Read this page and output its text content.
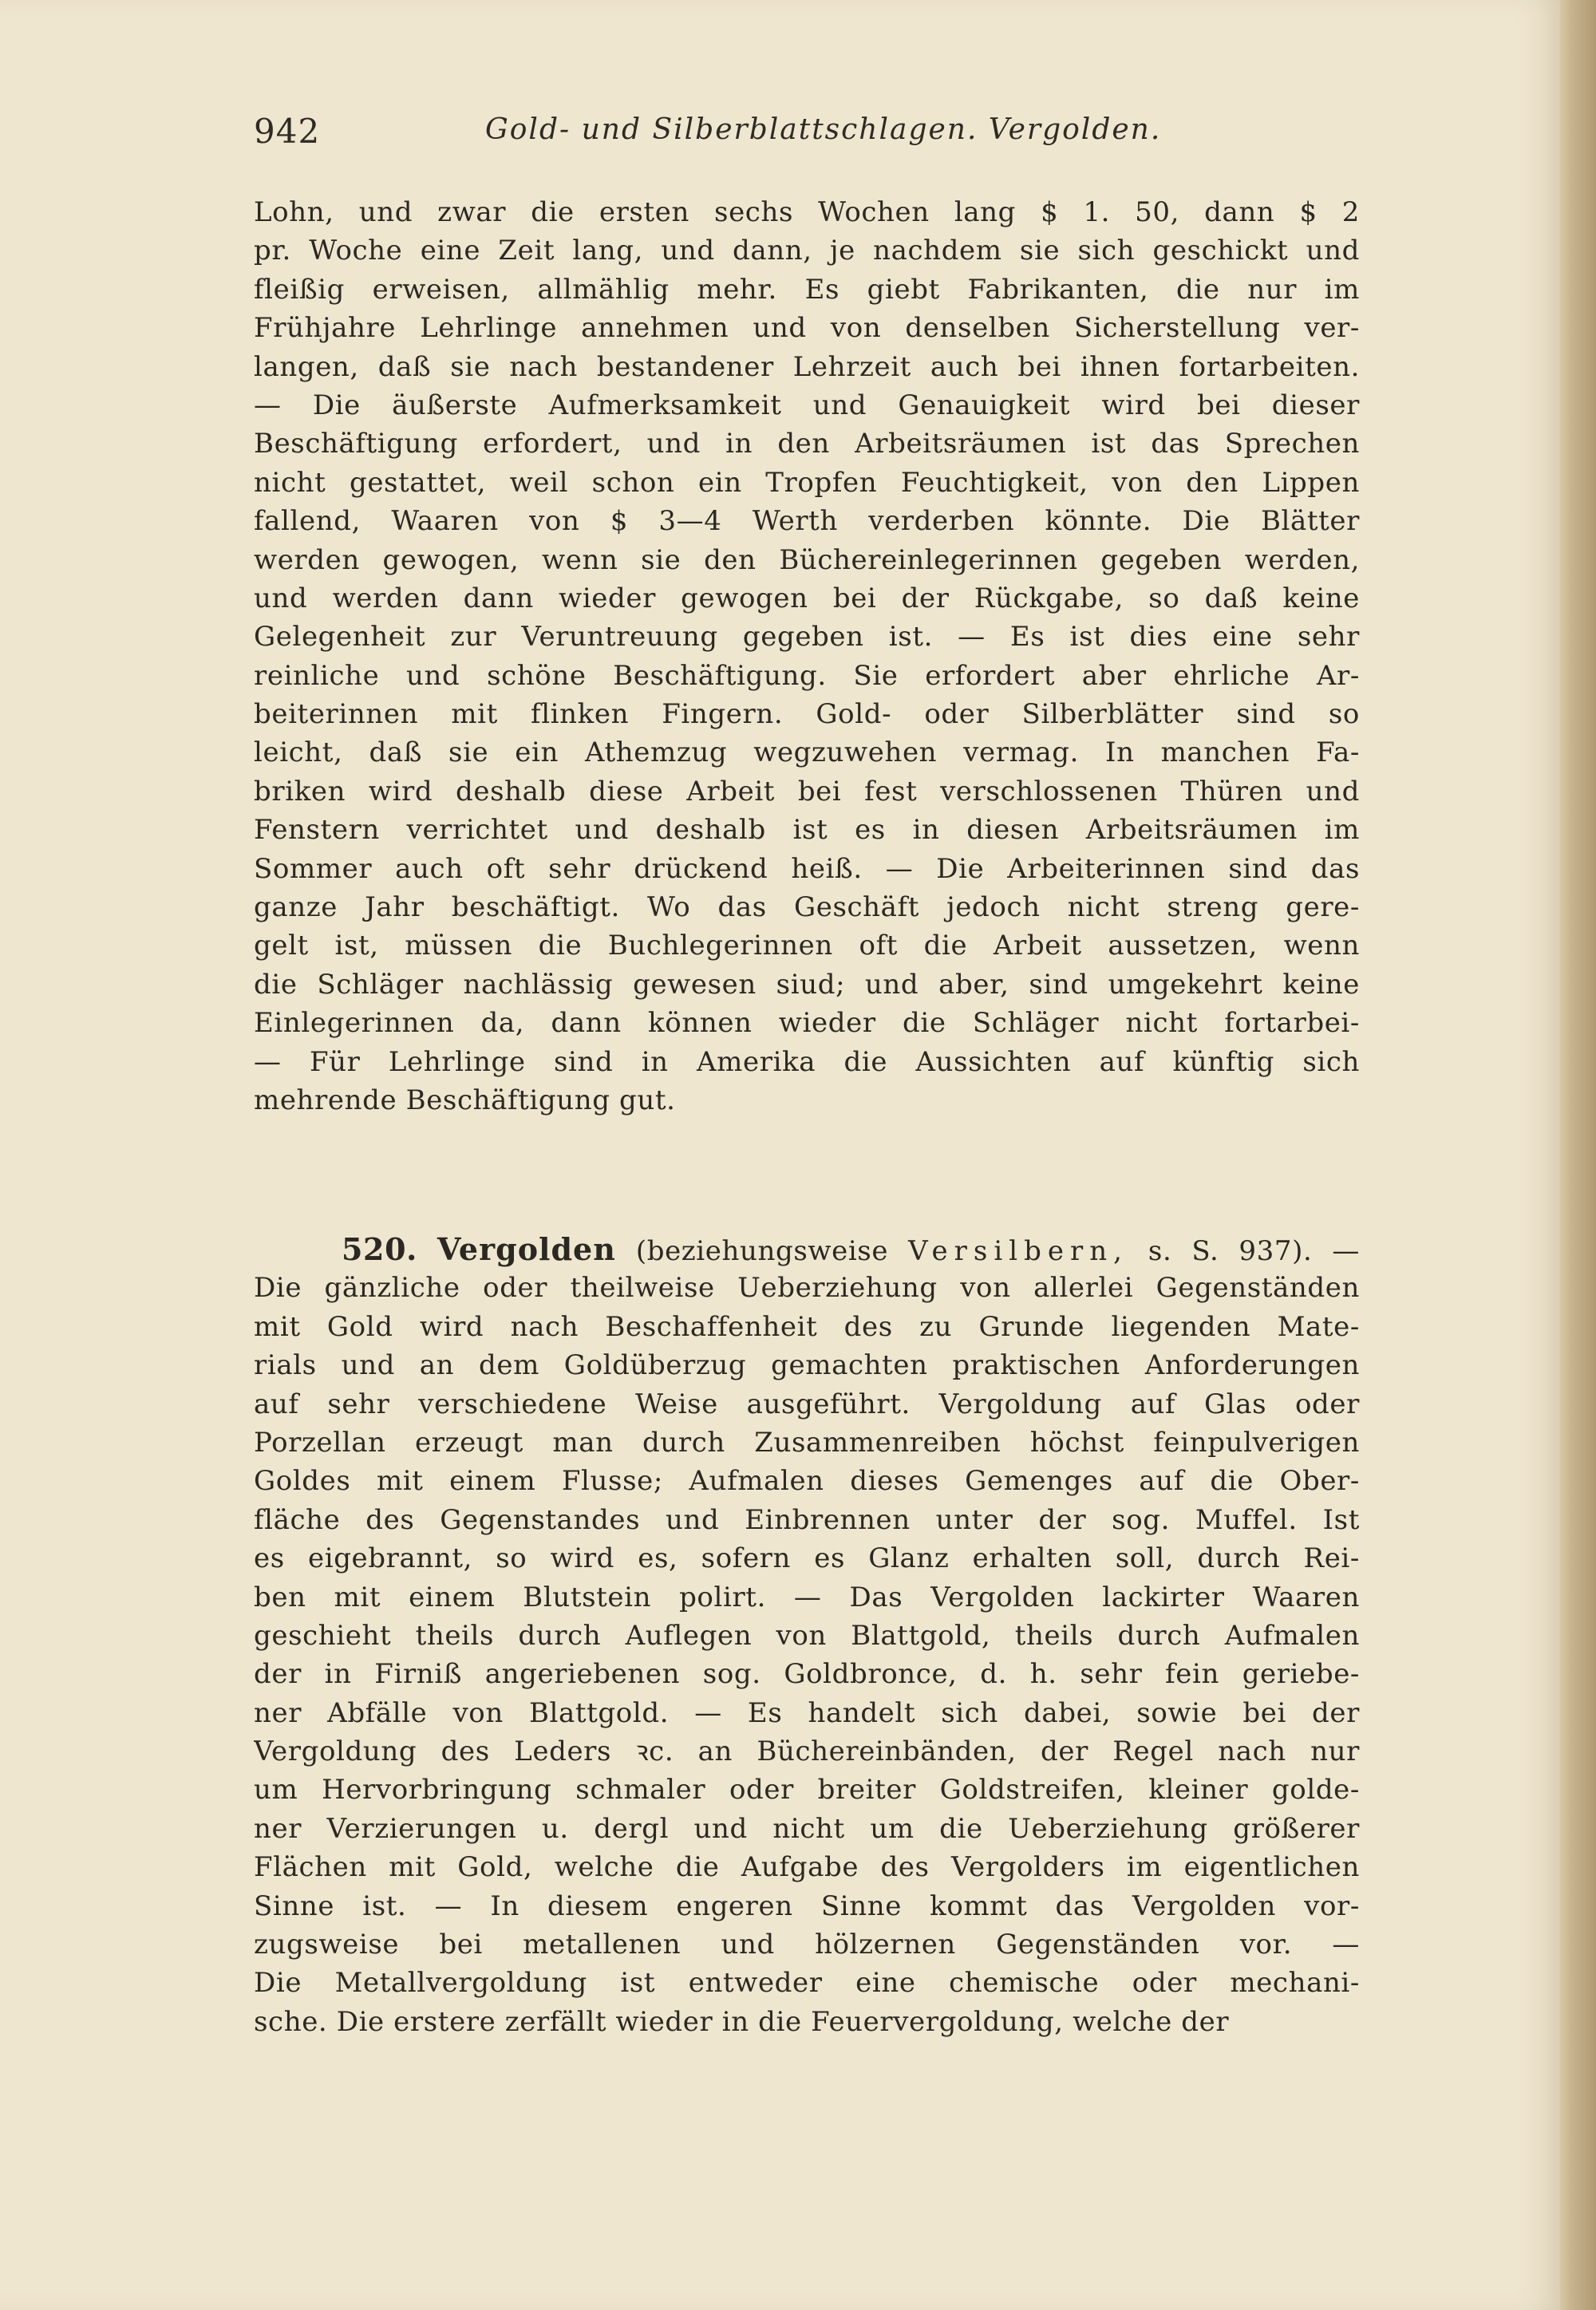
942	Gold- und Silberblattschlagen. Vergolden.
Lohn, und zwar die ersten sechs Wochen lang $ 1. 50, dann $ 2
pr. Woche eine Zeit lang, und dann, je nachdem sie sich geschickt und
fleißig erweisen, allmählig mehr. Es giebt Fabrikanten, die nur im
Frühjahre Lehrlinge annehmen und von denselben Sicherstellung ver-
langen, daß sie nach bestandener Lehrzeit auch bei ihnen fortarbeiten.
— Die äußerste Aufmerksamkeit und Genauigkeit wird bei dieser
Beschäftigung erfordert, und in den Arbeitsräumen ist das Sprechen
nicht gestattet, weil schon ein Tropfen Feuchtigkeit, von den Lippen
fallend, Waaren von $ 3—4 Werth verderben könnte. Die Blätter
werden gewogen, wenn sie den Büchereinlegerinnen gegeben werden,
und werden dann wieder gewogen bei der Rückgabe, so daß keine
Gelegenheit zur Veruntreuung gegeben ist. — Es ist dies eine sehr
reinliche und schöne Beschäftigung. Sie erfordert aber ehrliche Ar-
beiterinnen mit flinken Fingern. Gold- oder Silberblätter sind so
leicht, daß sie ein Athemzug wegzuwehen vermag. In manchen Fa-
briken wird deshalb diese Arbeit bei fest verschlossenen Thüren und
Fenstern verrichtet und deshalb ist es in diesen Arbeitsräumen im
Sommer auch oft sehr drückend heiß. — Die Arbeiterinnen sind das
ganze Jahr beschäftigt. Wo das Geschäft jedoch nicht streng gere-
gelt ist, müssen die Buchlegerinnen oft die Arbeit aussetzen, wenn
die Schläger nachlässig gewesen siud; und aber, sind umgekehrt keine
Einlegerinnen da, dann können wieder die Schläger nicht fortarbei-
— Für Lehrlinge sind in Amerika die Aussichten auf künftig sich
mehrende Beschäftigung gut.
520. Vergolden (beziehungsweise Versilbern, s. S. 937). —
Die gänzliche oder theilweise Ueberziehung von allerlei Gegenständen
mit Gold wird nach Beschaffenheit des zu Grunde liegenden Mate-
rials und an dem Goldüberzug gemachten praktischen Anforderungen
auf sehr verschiedene Weise ausgeführt. Vergoldung auf Glas oder
Porzellan erzeugt man durch Zusammenreiben höchst feinpulverigen
Goldes mit einem Flusse; Aufmalen dieses Gemenges auf die Ober-
fläche des Gegenstandes und Einbrennen unter der sog. Muffel. Ist
es eigebrannt, so wird es, sofern es Glanz erhalten soll, durch Rei-
ben mit einem Blutstein polirt. — Das Vergolden lackirter Waaren
geschieht theils durch Auflegen von Blattgold, theils durch Aufmalen
der in Firniß angeriebenen sog. Goldbronce, d. h. sehr fein geriebe-
ner Abfälle von Blattgold. — Es handelt sich dabei, sowie bei der
Vergoldung des Leders ꝛc. an Büchereinbänden, der Regel nach nur
um Hervorbringung schmaler oder breiter Goldstreifen, kleiner golde-
ner Verzierungen u. dergl und nicht um die Ueberziehung größerer
Flächen mit Gold, welche die Aufgabe des Vergolders im eigentlichen
Sinne ist. — In diesem engeren Sinne kommt das Vergolden vor-
zugsweise bei metallenen und hölzernen Gegenständen vor. —
Die Metallvergoldung ist entweder eine chemische oder mechani-
sche. Die erstere zerfällt wieder in die Feuervergoldung, welche der
